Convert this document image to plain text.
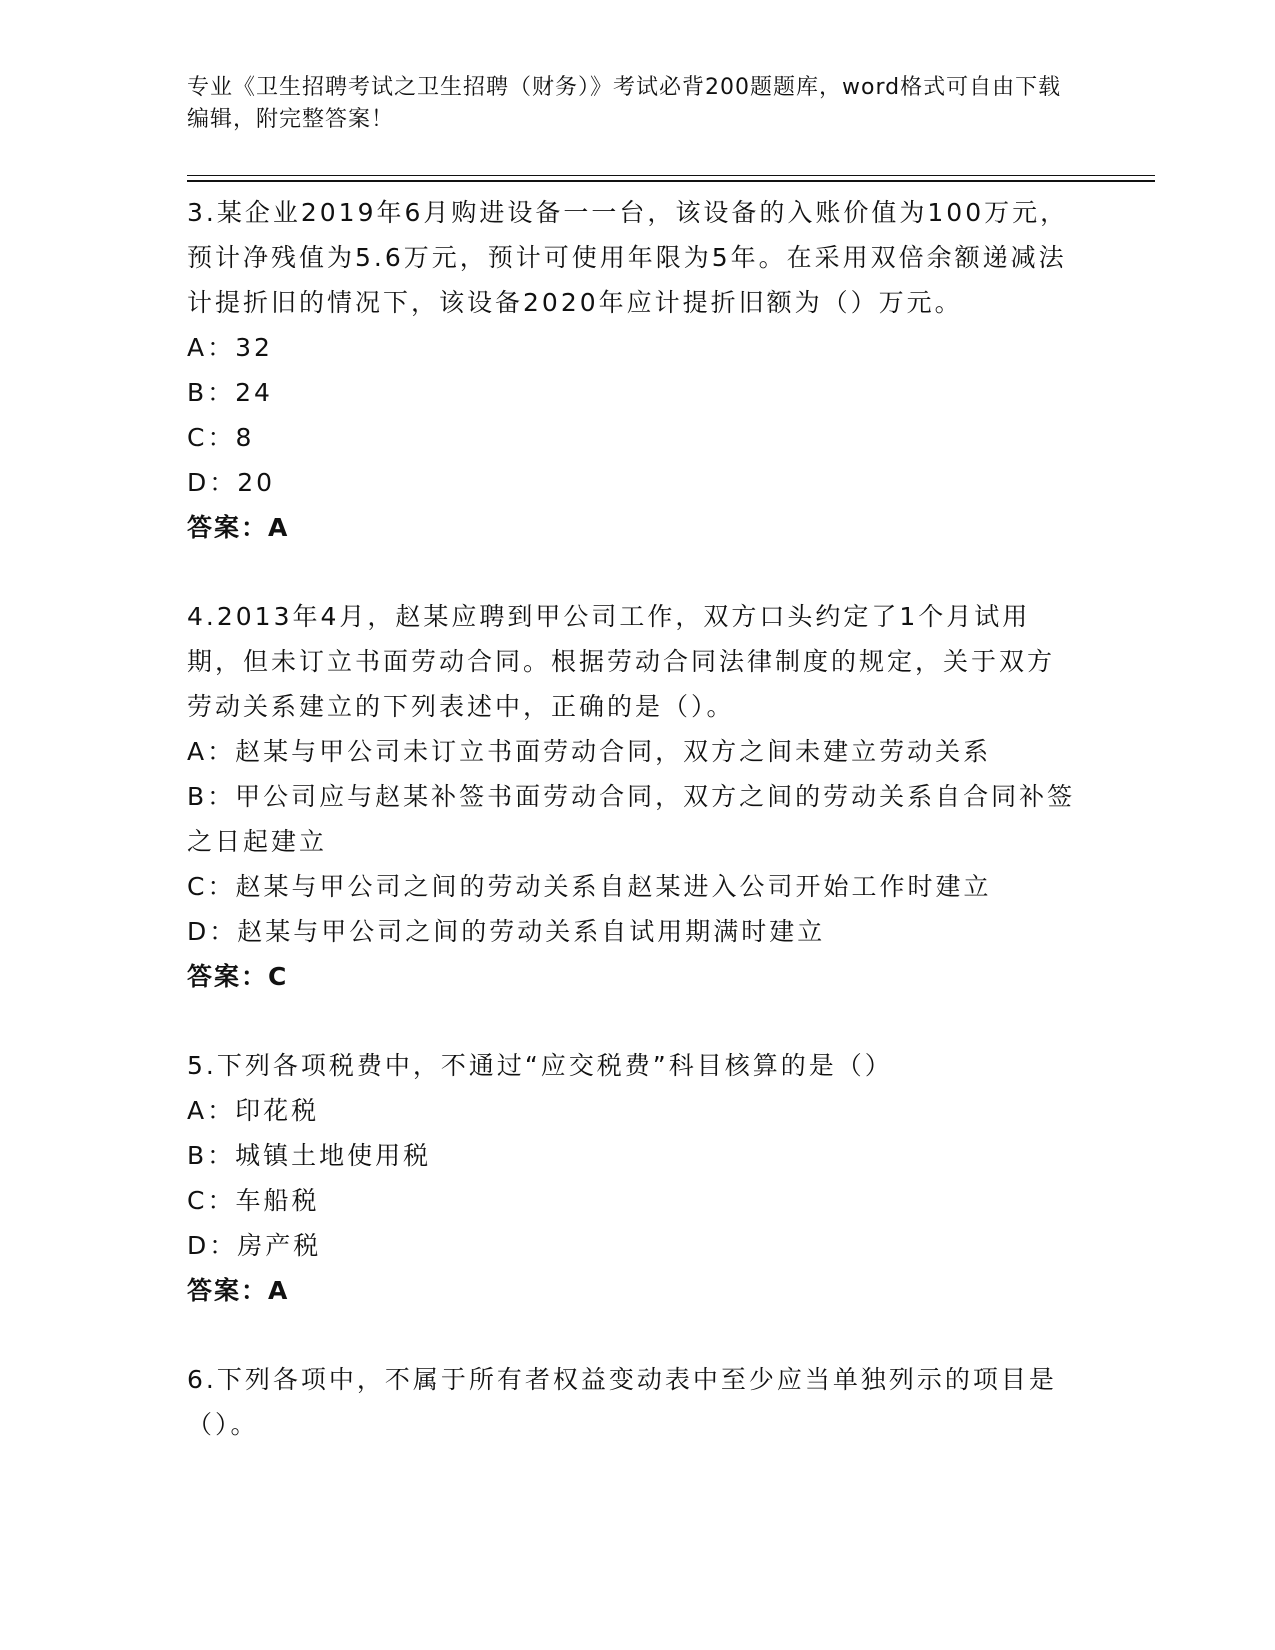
专业《卫生招聘考试之卫生招聘（财务）》考试必背200题题库，word格式可自由下载编辑，附完整答案！
3.某企业2019年6月购进设备一一台，该设备的入账价值为100万元，预计净残值为5.6万元，预计可使用年限为5年。在采用双倍余额递减法计提折旧的情况下，该设备2020年应计提折旧额为（）万元。
A：32
B：24
C：8
D：20
答案：A
4.2013年4月，赵某应聘到甲公司工作，双方口头约定了1个月试用期，但未订立书面劳动合同。根据劳动合同法律制度的规定，关于双方劳动关系建立的下列表述中，正确的是（）。
A：赵某与甲公司未订立书面劳动合同，双方之间未建立劳动关系
B：甲公司应与赵某补签书面劳动合同，双方之间的劳动关系自合同补签之日起建立
C：赵某与甲公司之间的劳动关系自赵某进入公司开始工作时建立
D：赵某与甲公司之间的劳动关系自试用期满时建立
答案：C
5.下列各项税费中，不通过“应交税费”科目核算的是（）
A：印花税
B：城镇土地使用税
C：车船税
D：房产税
答案：A
6.下列各项中，不属于所有者权益变动表中至少应当单独列示的项目是（）。
